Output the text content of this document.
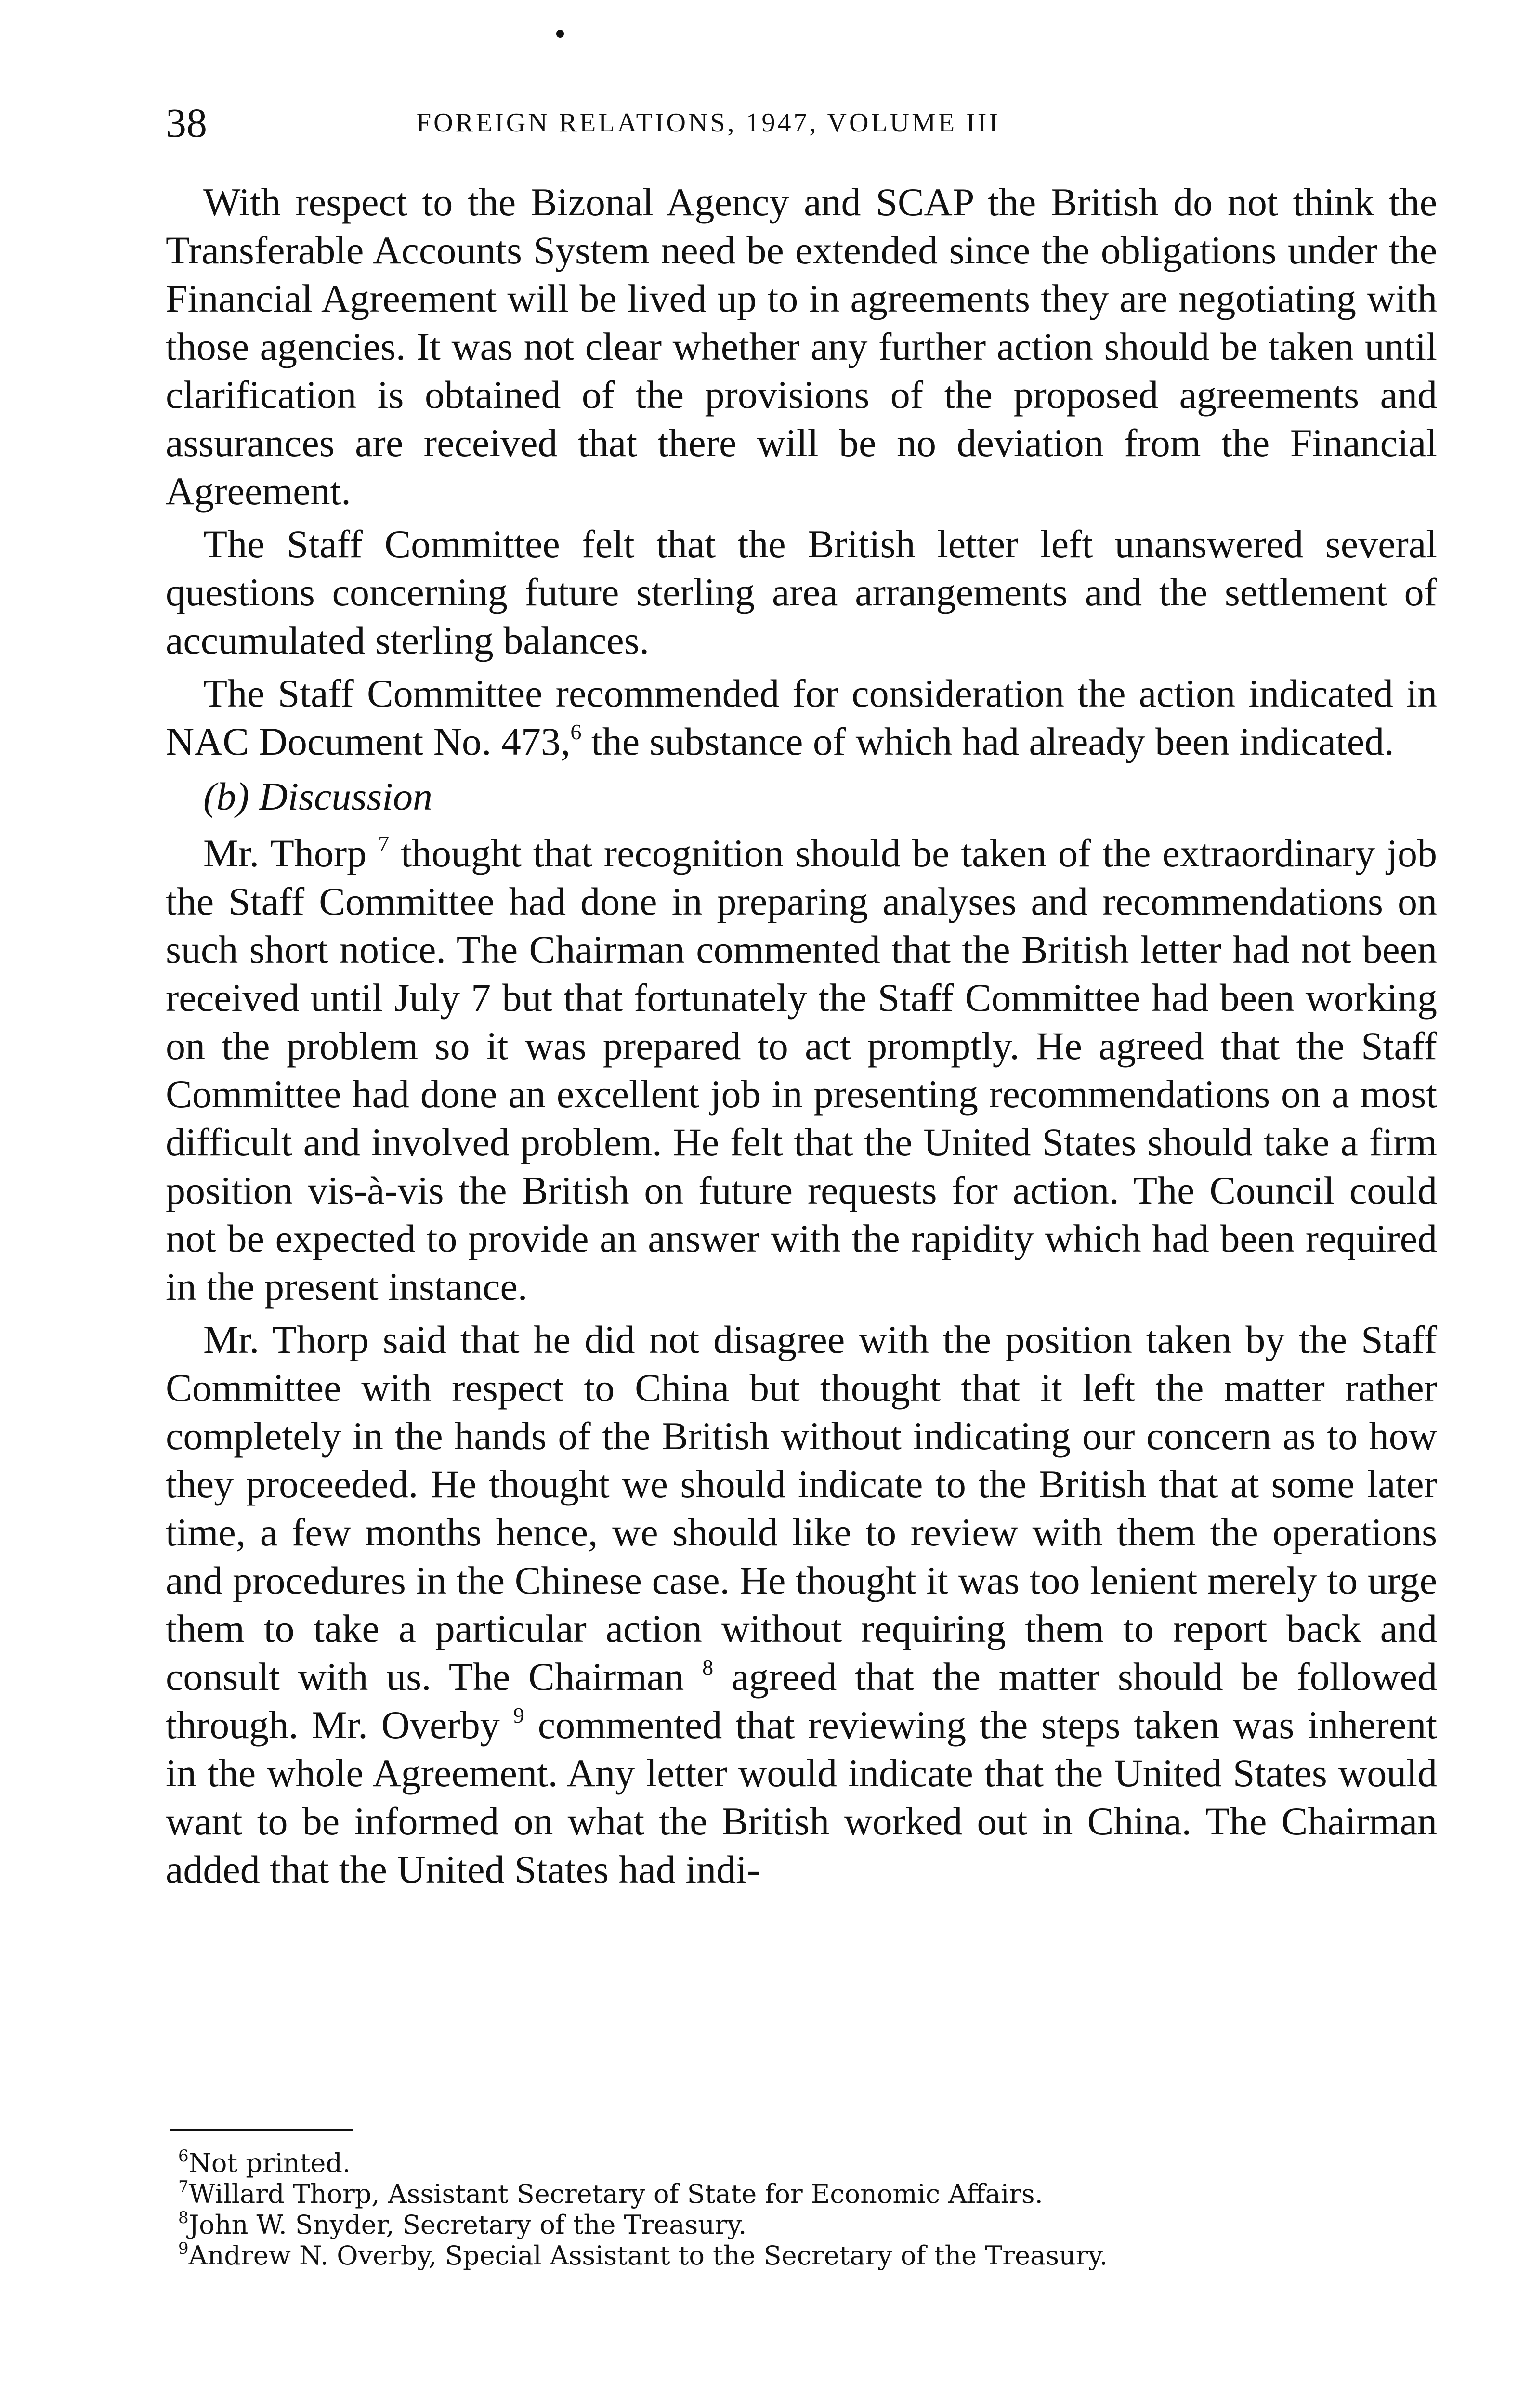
38	FOREIGN RELATIONS, 1947, VOLUME III

With respect to the Bizonal Agency and SCAP the British do not think the Transferable Accounts System need be extended since the obligations under the Financial Agreement will be lived up to in agreements they are negotiating with those agencies. It was not clear whether any further action should be taken until clarification is obtained of the provisions of the proposed agreements and assurances are received that there will be no deviation from the Financial Agreement.

The Staff Committee felt that the British letter left unanswered several questions concerning future sterling area arrangements and the settlement of accumulated sterling balances.

The Staff Committee recommended for consideration the action indicated in NAC Document No. 473,$^6$ the substance of which had already been indicated.

(b) Discussion

Mr. Thorp $^7$ thought that recognition should be taken of the extraordinary job the Staff Committee had done in preparing analyses and recommendations on such short notice. The Chairman commented that the British letter had not been received until July 7 but that fortunately the Staff Committee had been working on the problem so it was prepared to act promptly. He agreed that the Staff Committee had done an excellent job in presenting recommendations on a most difficult and involved problem. He felt that the United States should take a firm position vis-à-vis the British on future requests for action. The Council could not be expected to provide an answer with the rapidity which had been required in the present instance.

Mr. Thorp said that he did not disagree with the position taken by the Staff Committee with respect to China but thought that it left the matter rather completely in the hands of the British without indicating our concern as to how they proceeded. He thought we should indicate to the British that at some later time, a few months hence, we should like to review with them the operations and procedures in the Chinese case. He thought it was too lenient merely to urge them to take a particular action without requiring them to report back and consult with us. The Chairman $^8$ agreed that the matter should be followed through. Mr. Overby $^9$ commented that reviewing the steps taken was inherent in the whole Agreement. Any letter would indicate that the United States would want to be informed on what the British worked out in China. The Chairman added that the United States had indi-

$^6$Not printed.
$^7$Willard Thorp, Assistant Secretary of State for Economic Affairs.
$^8$John W. Snyder, Secretary of the Treasury.
$^9$Andrew N. Overby, Special Assistant to the Secretary of the Treasury.
